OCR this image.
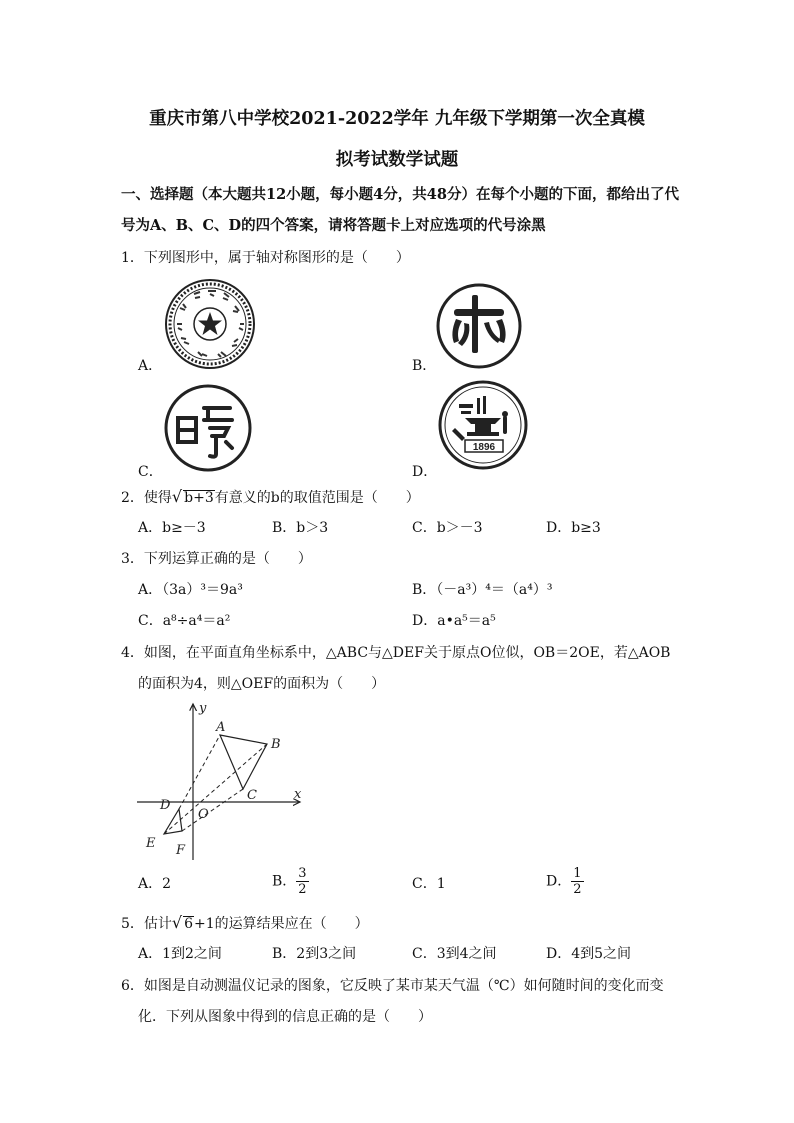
重庆市第八中学校2021-2022学年 九年级下学期第一次全真模
拟考试数学试题
一、选择题（本大题共12小题，每小题4分，共48分）在每个小题的下面，都给出了代
号为A、B、C、D的四个答案，请将答题卡上对应选项的代号涂黑
1．下列图形中，属于轴对称图形的是（　　）
A．	B．
C．
1896
D．
2．使得√ b+3有意义的b的取值范围是（　　）
A．b≥－3	B．b＞3	C．b＞－3	D．b≥3
3．下列运算正确的是（　　）
A．（3a）³＝9a³	B．（－a³）⁴＝（a⁴）³
C．a⁸÷a⁴＝a²	D．a•a⁵＝a⁵
4．如图，在平面直角坐标系中，△ABC与△DEF关于原点O位似，OB＝2OE，若△AOB
的面积为4，则△OEF的面积为（　　）
y
x
A
B
C
D
E F
O
A．2	B． $\frac{3}{2}$	C．1	D． $\frac{1}{2}$
5．估计√ 6+1的运算结果应在（　　）
A．1到2之间	B．2到3之间	C．3到4之间	D．4到5之间
6．如图是自动测温仪记录的图象，它反映了某市某天气温（℃）如何随时间的变化而变
化．下列从图象中得到的信息正确的是（　　）
